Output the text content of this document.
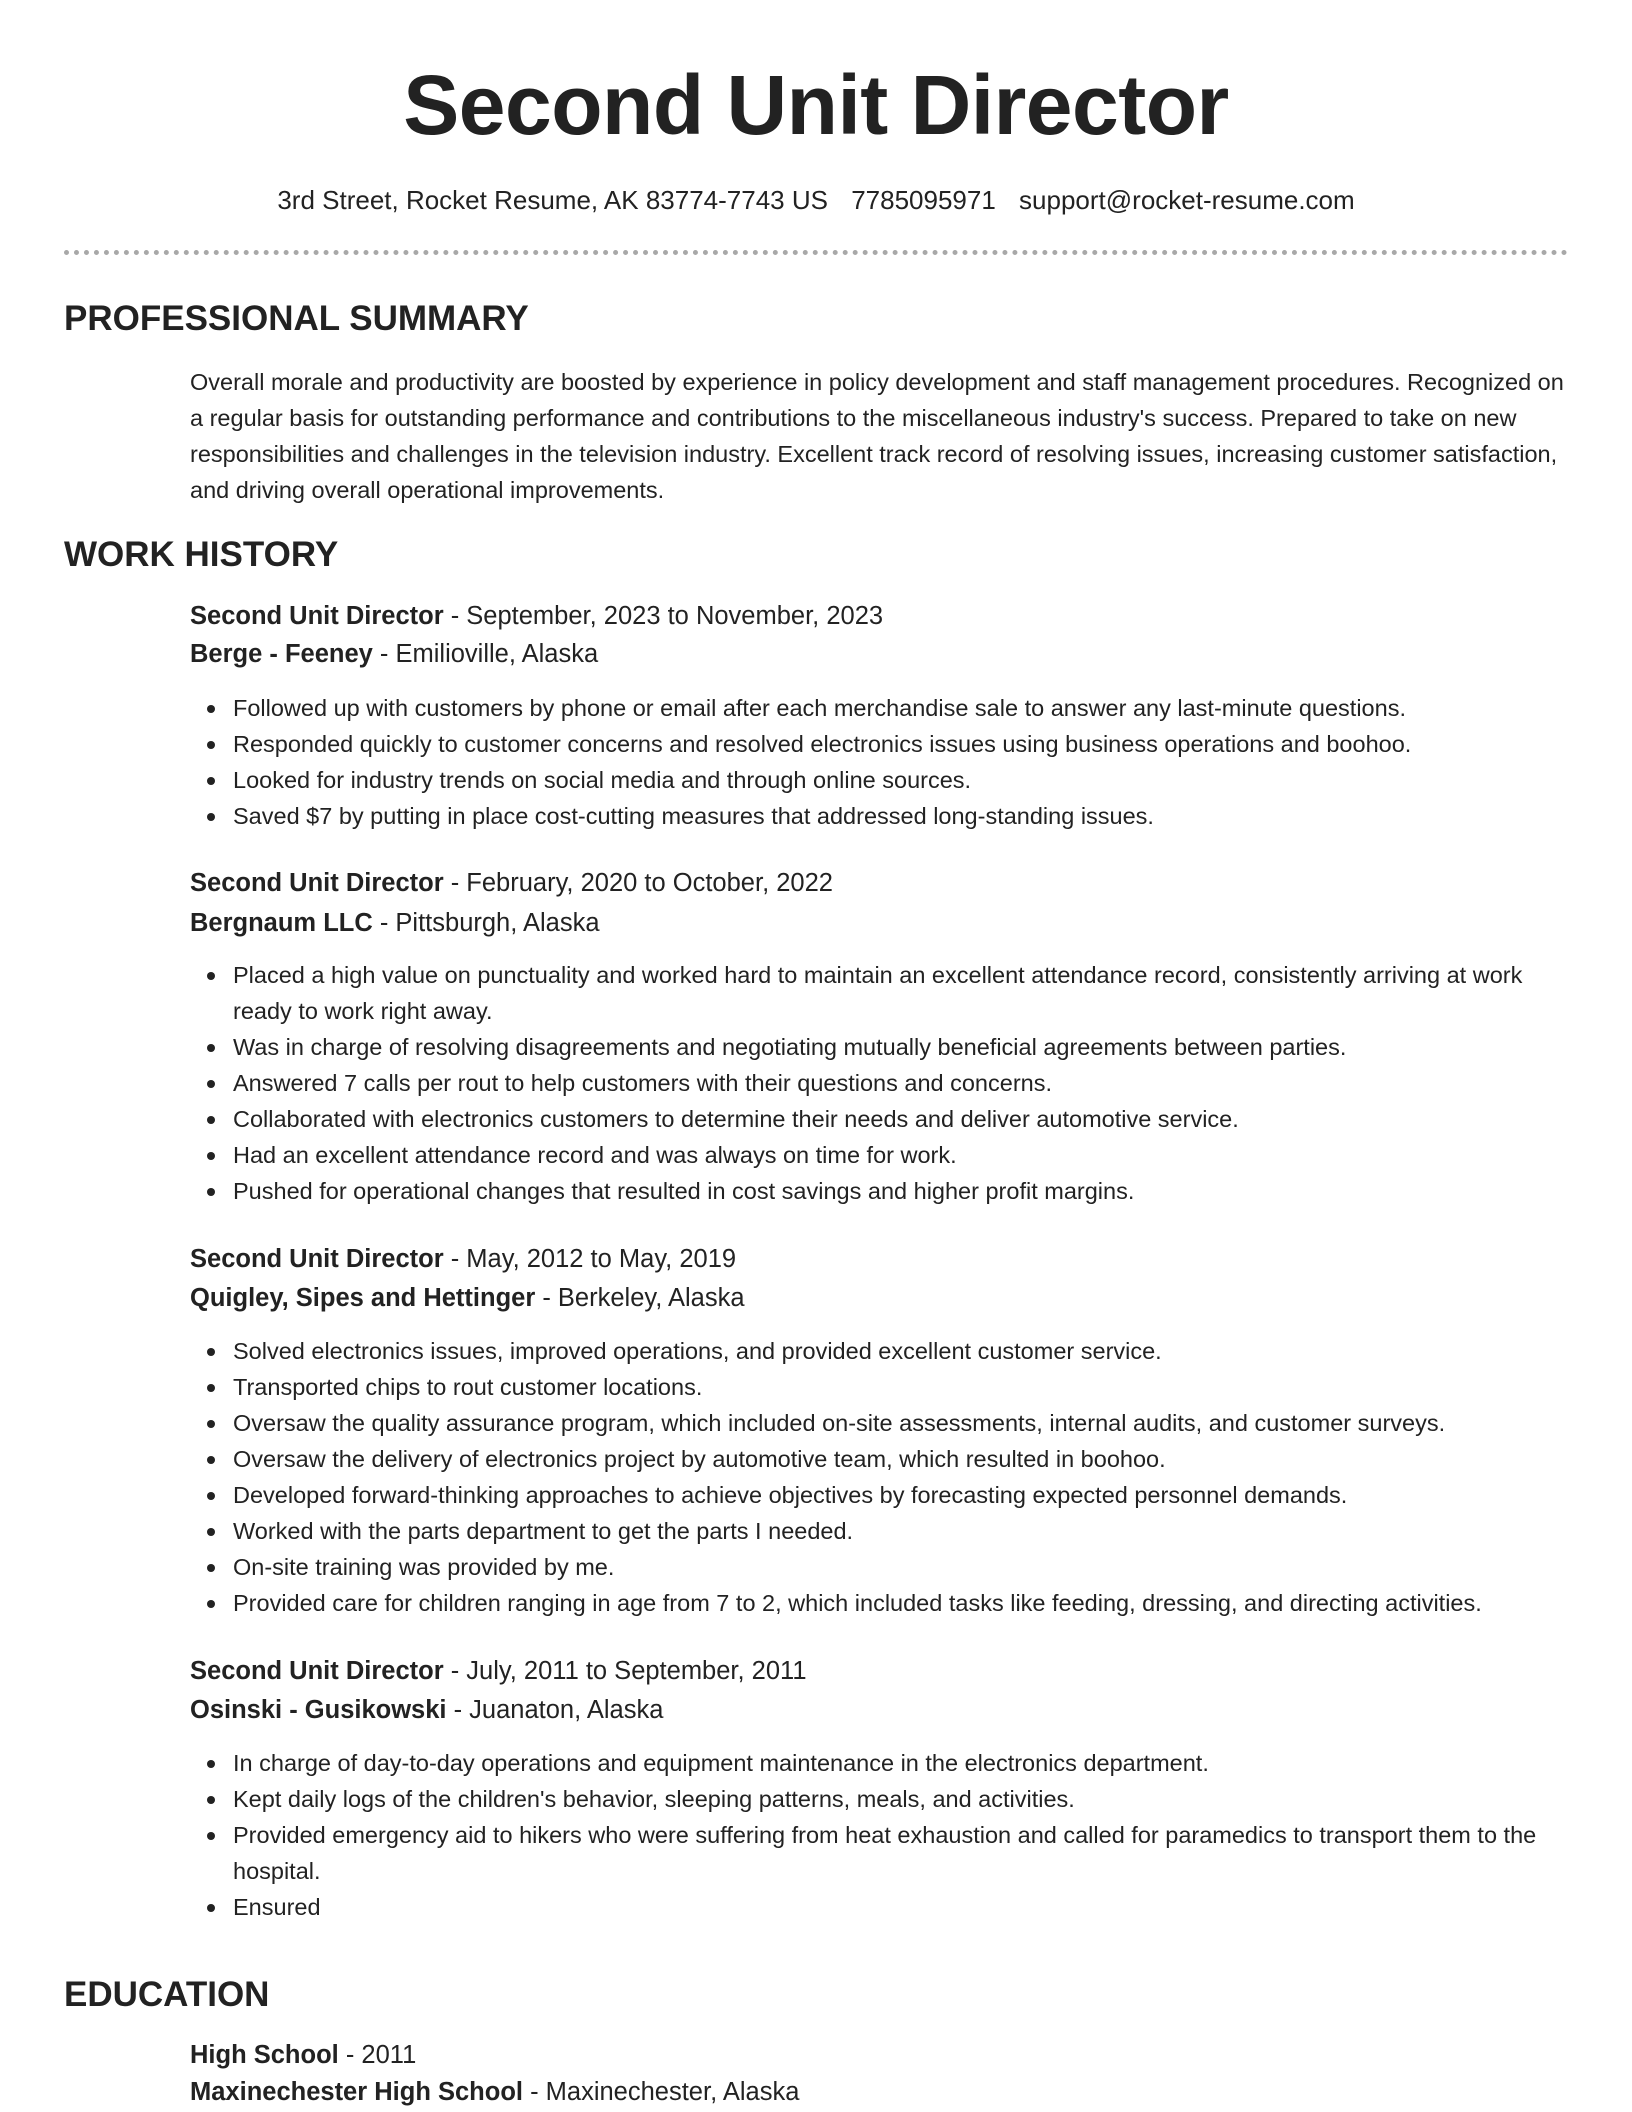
Second Unit Director
3rd Street, Rocket Resume, AK 83774-7743 US 7785095971 support@rocket-resume.com
PROFESSIONAL SUMMARY
Overall morale and productivity are boosted by experience in policy development and staff management procedures. Recognized on a regular basis for outstanding performance and contributions to the miscellaneous industry's success. Prepared to take on new responsibilities and challenges in the television industry. Excellent track record of resolving issues, increasing customer satisfaction, and driving overall operational improvements.
WORK HISTORY
Second Unit Director - September, 2023 to November, 2023
Berge - Feeney - Emilioville, Alaska
Followed up with customers by phone or email after each merchandise sale to answer any last-minute questions.
Responded quickly to customer concerns and resolved electronics issues using business operations and boohoo.
Looked for industry trends on social media and through online sources.
Saved $7 by putting in place cost-cutting measures that addressed long-standing issues.
Second Unit Director - February, 2020 to October, 2022
Bergnaum LLC - Pittsburgh, Alaska
Placed a high value on punctuality and worked hard to maintain an excellent attendance record, consistently arriving at work ready to work right away.
Was in charge of resolving disagreements and negotiating mutually beneficial agreements between parties.
Answered 7 calls per rout to help customers with their questions and concerns.
Collaborated with electronics customers to determine their needs and deliver automotive service.
Had an excellent attendance record and was always on time for work.
Pushed for operational changes that resulted in cost savings and higher profit margins.
Second Unit Director - May, 2012 to May, 2019
Quigley, Sipes and Hettinger - Berkeley, Alaska
Solved electronics issues, improved operations, and provided excellent customer service.
Transported chips to rout customer locations.
Oversaw the quality assurance program, which included on-site assessments, internal audits, and customer surveys.
Oversaw the delivery of electronics project by automotive team, which resulted in boohoo.
Developed forward-thinking approaches to achieve objectives by forecasting expected personnel demands.
Worked with the parts department to get the parts I needed.
On-site training was provided by me.
Provided care for children ranging in age from 7 to 2, which included tasks like feeding, dressing, and directing activities.
Second Unit Director - July, 2011 to September, 2011
Osinski - Gusikowski - Juanaton, Alaska
In charge of day-to-day operations and equipment maintenance in the electronics department.
Kept daily logs of the children's behavior, sleeping patterns, meals, and activities.
Provided emergency aid to hikers who were suffering from heat exhaustion and called for paramedics to transport them to the hospital.
Ensured
EDUCATION
High School - 2011
Maxinechester High School - Maxinechester, Alaska
